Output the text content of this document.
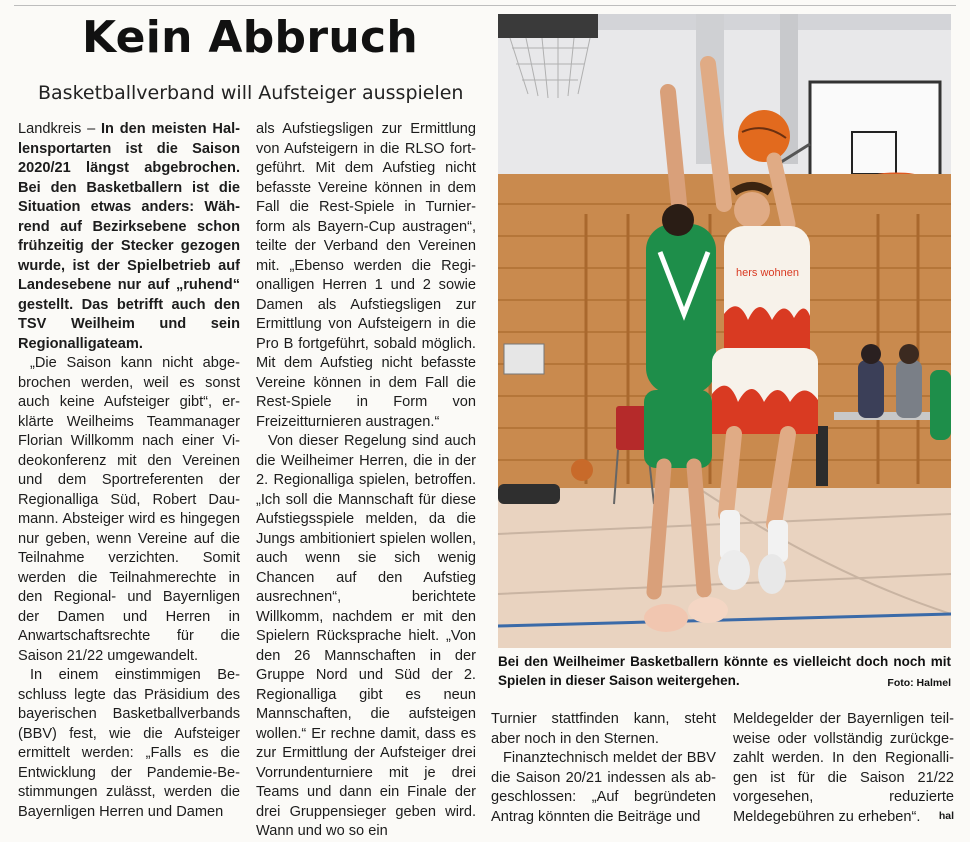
Kein Abbruch
Basketballverband will Aufsteiger ausspielen

Landkreis – In den meisten Hallensportarten ist die Saison 2020/21 längst abgebrochen. Bei den Basketballern ist die Situation etwas anders: Während auf Bezirksebene schon frühzeitig der Stecker gezogen wurde, ist der Spielbetrieb auf Landesebene nur auf „ruhend“ gestellt. Das betrifft auch den TSV Weilheim und sein Regionalligateam.

„Die Saison kann nicht abgebrochen werden, weil es sonst auch keine Aufsteiger gibt“, erklärte Weilheims Teammanager Florian Willkomm nach einer Videokonferenz mit den Vereinen und dem Sportreferenten der Regionalliga Süd, Robert Daumann. Absteiger wird es hingegen nur geben, wenn Vereine auf die Teilnahme verzichten. Somit werden die Teilnahmerechte in den Regional- und Bayernligen der Damen und Herren in Anwartschaftsrechte für die Saison 21/22 umgewandelt.

In einem einstimmigen Beschluss legte das Präsidium des bayerischen Basketballverbands (BBV) fest, wie die Aufsteiger ermittelt werden: „Falls es die Entwicklung der Pandemie-Bestimmungen zulässt, werden die Bayernligen Herren und Damen

als Aufstiegsligen zur Ermittlung von Aufsteigern in die RLSO fortgeführt. Mit dem Aufstieg nicht befasste Vereine können in dem Fall die Rest-Spiele in Turnierform als Bayern-Cup austragen“, teilte der Verband den Vereinen mit. „Ebenso werden die Regionalligen Herren 1 und 2 sowie Damen als Aufstiegsligen zur Ermittlung von Aufsteigern in die Pro B fortgeführt, sobald möglich. Mit dem Aufstieg nicht befasste Vereine können in dem Fall die Rest-Spiele in Form von Freizeitturnieren austragen.“

Von dieser Regelung sind auch die Weilheimer Herren, die in der 2. Regionalliga spielen, betroffen. „Ich soll die Mannschaft für diese Aufstiegsspiele melden, da die Jungs ambitioniert spielen wollen, auch wenn sie sich wenig Chancen auf den Aufstieg ausrechnen“, berichtete Willkomm, nachdem er mit den Spielern Rücksprache hielt. „Von den 26 Mannschaften in der Gruppe Nord und Süd der 2. Regionalliga gibt es neun Mannschaften, die aufsteigen wollen.“ Er rechne damit, dass es zur Ermittlung der Aufsteiger drei Vorrundenturniere mit je drei Teams und dann ein Finale der drei Gruppensieger geben wird. Wann und wo so ein

hers wohnen
Bei den Weilheimer Basketballern könnte es vielleicht doch noch mit Spielen in dieser Saison weitergehen.	Foto: Halmel

Turnier stattfinden kann, steht aber noch in den Sternen.

Finanztechnisch meldet der BBV die Saison 20/21 indessen als abgeschlossen: „Auf begründeten Antrag könnten die Beiträge und

Meldegelder der Bayernligen teilweise oder vollständig zurückgezahlt werden. In den Regionalligen ist für die Saison 21/22 vorgesehen, reduzierte Meldegebühren zu erheben“.	hal
